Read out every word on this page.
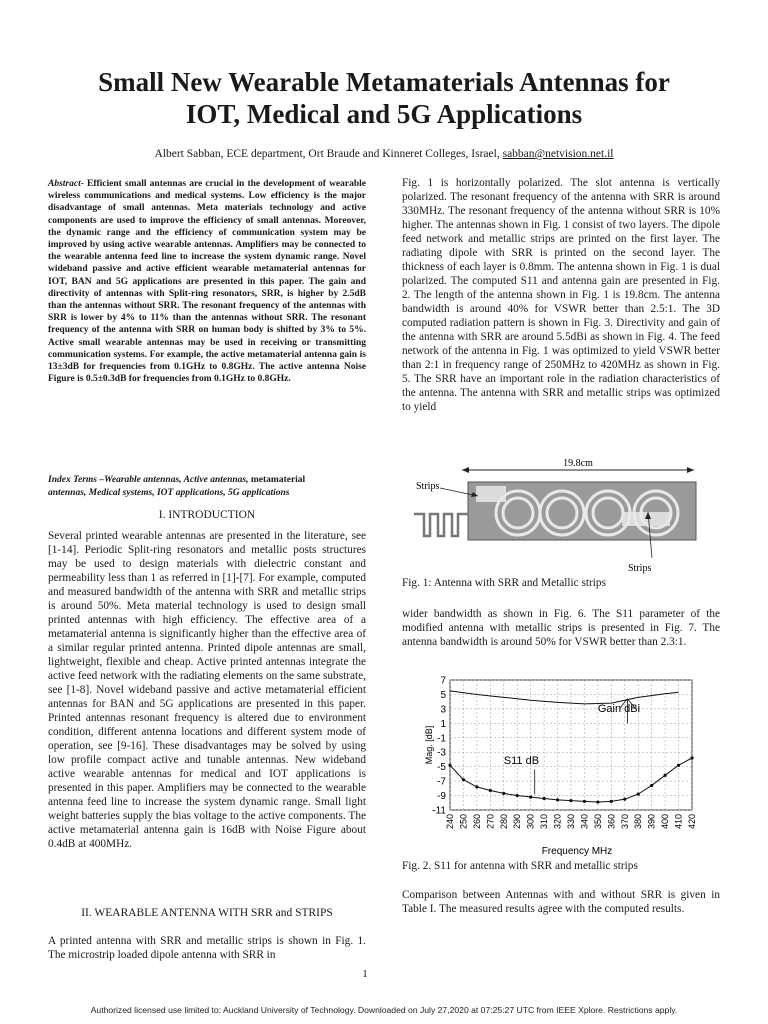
Small New Wearable Metamaterials Antennas for
IOT, Medical and 5G Applications
Albert Sabban, ECE department, Ort Braude and Kinneret Colleges, Israel, sabban@netvision.net.il

Abstract- Efficient small antennas are crucial in the development of wearable wireless communications and medical systems. Low efficiency is the major disadvantage of small antennas. Meta materials technology and active components are used to improve the efficiency of small antennas. Moreover, the dynamic range and the efficiency of communication system may be improved by using active wearable antennas. Amplifiers may be connected to the wearable antenna feed line to increase the system dynamic range. Novel wideband passive and active efficient wearable metamaterial antennas for IOT, BAN and 5G applications are presented in this paper. The gain and directivity of antennas with Split-ring resonators, SRR, is higher by 2.5dB than the antennas without SRR. The resonant frequency of the antennas with SRR is lower by 4% to 11% than the antennas without SRR. The resonant frequency of the antenna with SRR on human body is shifted by 3% to 5%. Active small wearable antennas may be used in receiving or transmitting communication systems. For example, the active metamaterial antenna gain is 13±3dB for frequencies from 0.1GHz to 0.8GHz. The active antenna Noise Figure is 0.5±0.3dB for frequencies from 0.1GHz to 0.8GHz.

Index Terms –Wearable antennas, Active antennas, metamaterial
antennas, Medical systems, IOT applications, 5G applications

I. INTRODUCTION

Several printed wearable antennas are presented in the literature, see [1-14]. Periodic Split-ring resonators and metallic posts structures may be used to design materials with dielectric constant and permeability less than 1 as referred in [1]-[7]. For example, computed and measured bandwidth of the antenna with SRR and metallic strips is around 50%. Meta material technology is used to design small printed antennas with high efficiency. The effective area of a metamaterial antenna is significantly higher than the effective area of a similar regular printed antenna. Printed dipole antennas are small, lightweight, flexible and cheap. Active printed antennas integrate the active feed network with the radiating elements on the same substrate, see [1-8]. Novel wideband passive and active metamaterial efficient antennas for BAN and 5G applications are presented in this paper. Printed antennas resonant frequency is altered due to environment condition, different antenna locations and different system mode of operation, see [9-16]. These disadvantages may be solved by using low profile compact active and tunable antennas. New wideband active wearable antennas for medical and IOT applications is presented in this paper. Amplifiers may be connected to the wearable antenna feed line to increase the system dynamic range. Small light weight batteries supply the bias voltage to the active components. The active metamaterial antenna gain is 16dB with Noise Figure about 0.4dB at 400MHz.

II. WEARABLE ANTENNA WITH SRR and STRIPS

A printed antenna with SRR and metallic strips is shown in Fig. 1. The microstrip loaded dipole antenna with SRR in

Fig. 1 is horizontally polarized. The slot antenna is vertically polarized. The resonant frequency of the antenna with SRR is around 330MHz. The resonant frequency of the antenna without SRR is 10% higher. The antennas shown in Fig. 1 consist of two layers. The dipole feed network and metallic strips are printed on the first layer. The radiating dipole with SRR is printed on the second layer. The thickness of each layer is 0.8mm. The antenna shown in Fig. 1 is dual polarized. The computed S11 and antenna gain are presented in Fig. 2. The length of the antenna shown in Fig. 1 is 19.8cm. The antenna bandwidth is around 40% for VSWR better than 2.5:1. The 3D computed radiation pattern is shown in Fig. 3. Directivity and gain of the antenna with SRR are around 5.5dBi as shown in Fig. 4. The feed network of the antenna in Fig. 1 was optimized to yield VSWR better than 2:1 in frequency range of 250MHz to 420MHz as shown in Fig. 5. The SRR have an important role in the radiation characteristics of the antenna. The antenna with SRR and metallic strips was optimized to yield

19.8cm
Strips
Strips

Fig. 1: Antenna with SRR and Metallic strips

wider bandwidth as shown in Fig. 6. The S11 parameter of the modified antenna with metallic strips is presented in Fig. 7. The antenna bandwidth is around 50% for VSWR better than 2.3:1.

7
5
3
1
-1
-3
-5
-7
-9
-11
240 250 260 270 280 290 300 310 320 330 340 350 360 370 380 390 400 410 420
Mag. [dB]
Frequency MHz
Gain dBi
S11 dB

Fig. 2. S11 for antenna with SRR and metallic strips

Comparison between Antennas with and without SRR is given in Table I. The measured results agree with the computed results.

1
Authorized licensed use limited to: Auckland University of Technology. Downloaded on July 27,2020 at 07:25:27 UTC from IEEE Xplore. Restrictions apply.
